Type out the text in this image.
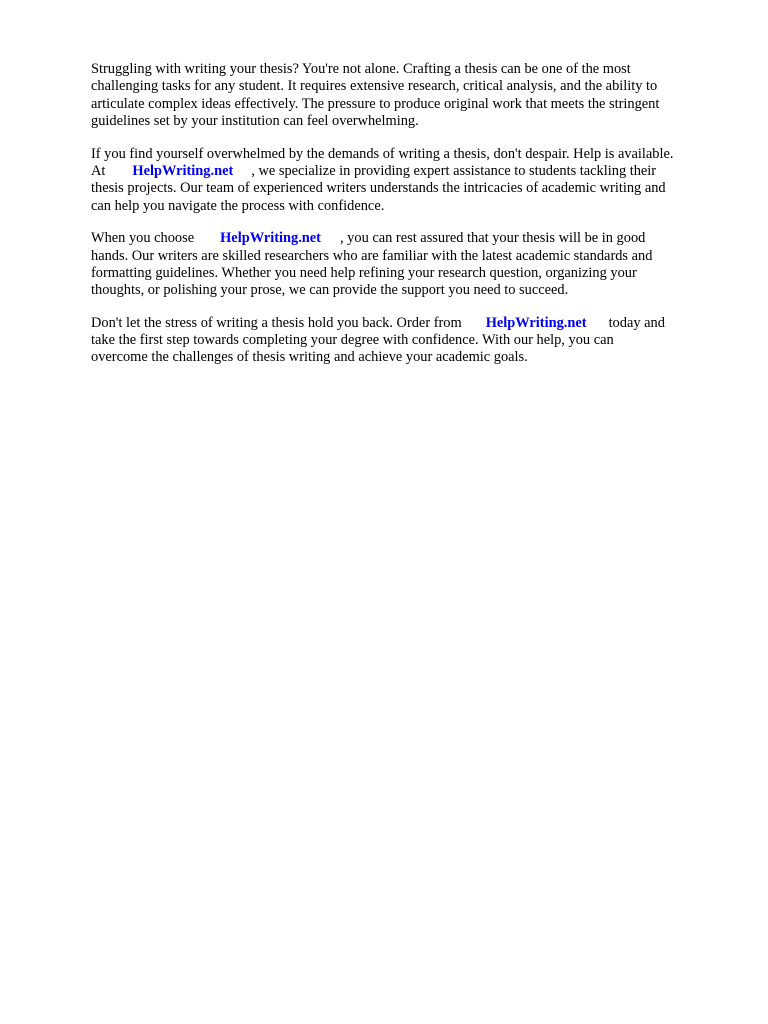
Struggling with writing your thesis? You're not alone. Crafting a thesis can be one of the most
challenging tasks for any student. It requires extensive research, critical analysis, and the ability to
articulate complex ideas effectively. The pressure to produce original work that meets the stringent
guidelines set by your institution can feel overwhelming.

If you find yourself overwhelmed by the demands of writing a thesis, don't despair. Help is available.
At HelpWriting.net , we specialize in providing expert assistance to students tackling their
thesis projects. Our team of experienced writers understands the intricacies of academic writing and
can help you navigate the process with confidence.

When you choose HelpWriting.net , you can rest assured that your thesis will be in good
hands. Our writers are skilled researchers who are familiar with the latest academic standards and
formatting guidelines. Whether you need help refining your research question, organizing your
thoughts, or polishing your prose, we can provide the support you need to succeed.

Don't let the stress of writing a thesis hold you back. Order from HelpWriting.net today and
take the first step towards completing your degree with confidence. With our help, you can
overcome the challenges of thesis writing and achieve your academic goals.
